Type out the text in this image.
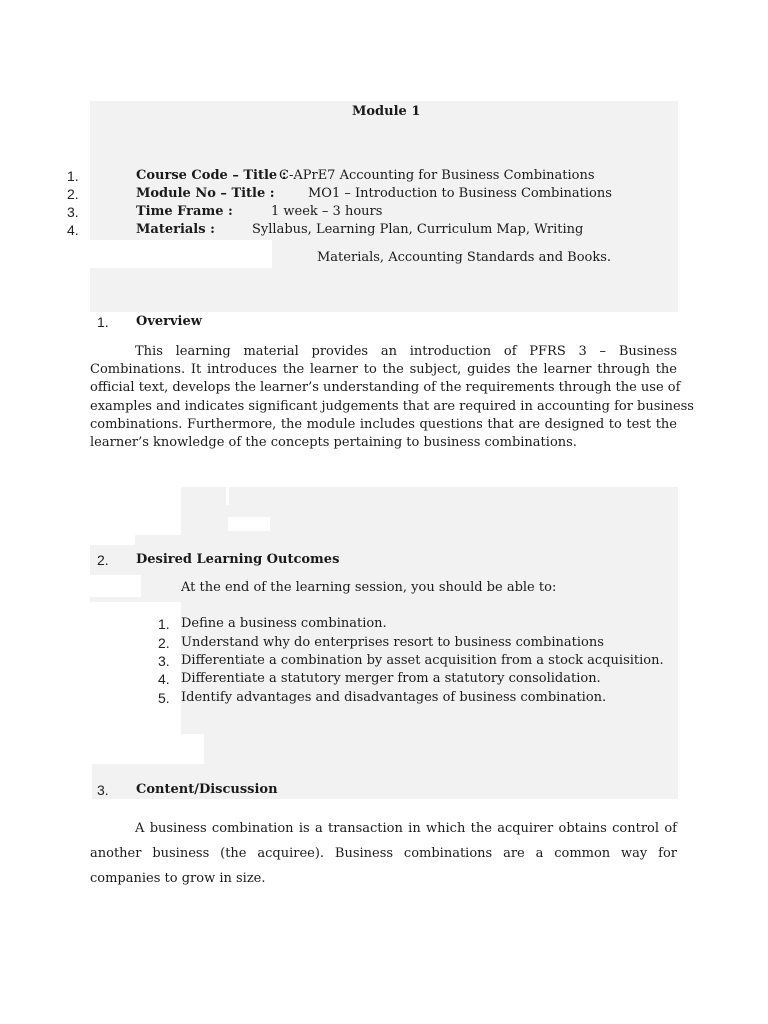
Module 1
1.	Course Code – Title :
C-APrE7 Accounting for Business Combinations
2.	Module No – Title :	MO1 – Introduction to Business Combinations
3.	Time Frame :	1 week – 3 hours
4.	Materials :	Syllabus, Learning Plan, Curriculum Map, Writing
Materials, Accounting Standards and Books.
1. Overview
This learning material provides an introduction of PFRS 3 – Business
Combinations. It introduces the learner to the subject, guides the learner through the
official text, develops the learner’s understanding of the requirements through the use of
examples and indicates significant judgements that are required in accounting for business
combinations. Furthermore, the module includes questions that are designed to test the
learner’s knowledge of the concepts pertaining to business combinations.
2. Desired Learning Outcomes
At the end of the learning session, you should be able to:
1. Define a business combination.
2. Understand why do enterprises resort to business combinations
3. Differentiate a combination by asset acquisition from a stock acquisition.
4. Differentiate a statutory merger from a statutory consolidation.
5. Identify advantages and disadvantages of business combination.
3. Content/Discussion
A business combination is a transaction in which the acquirer obtains control of
another business (the acquiree). Business combinations are a common way for
companies to grow in size.
